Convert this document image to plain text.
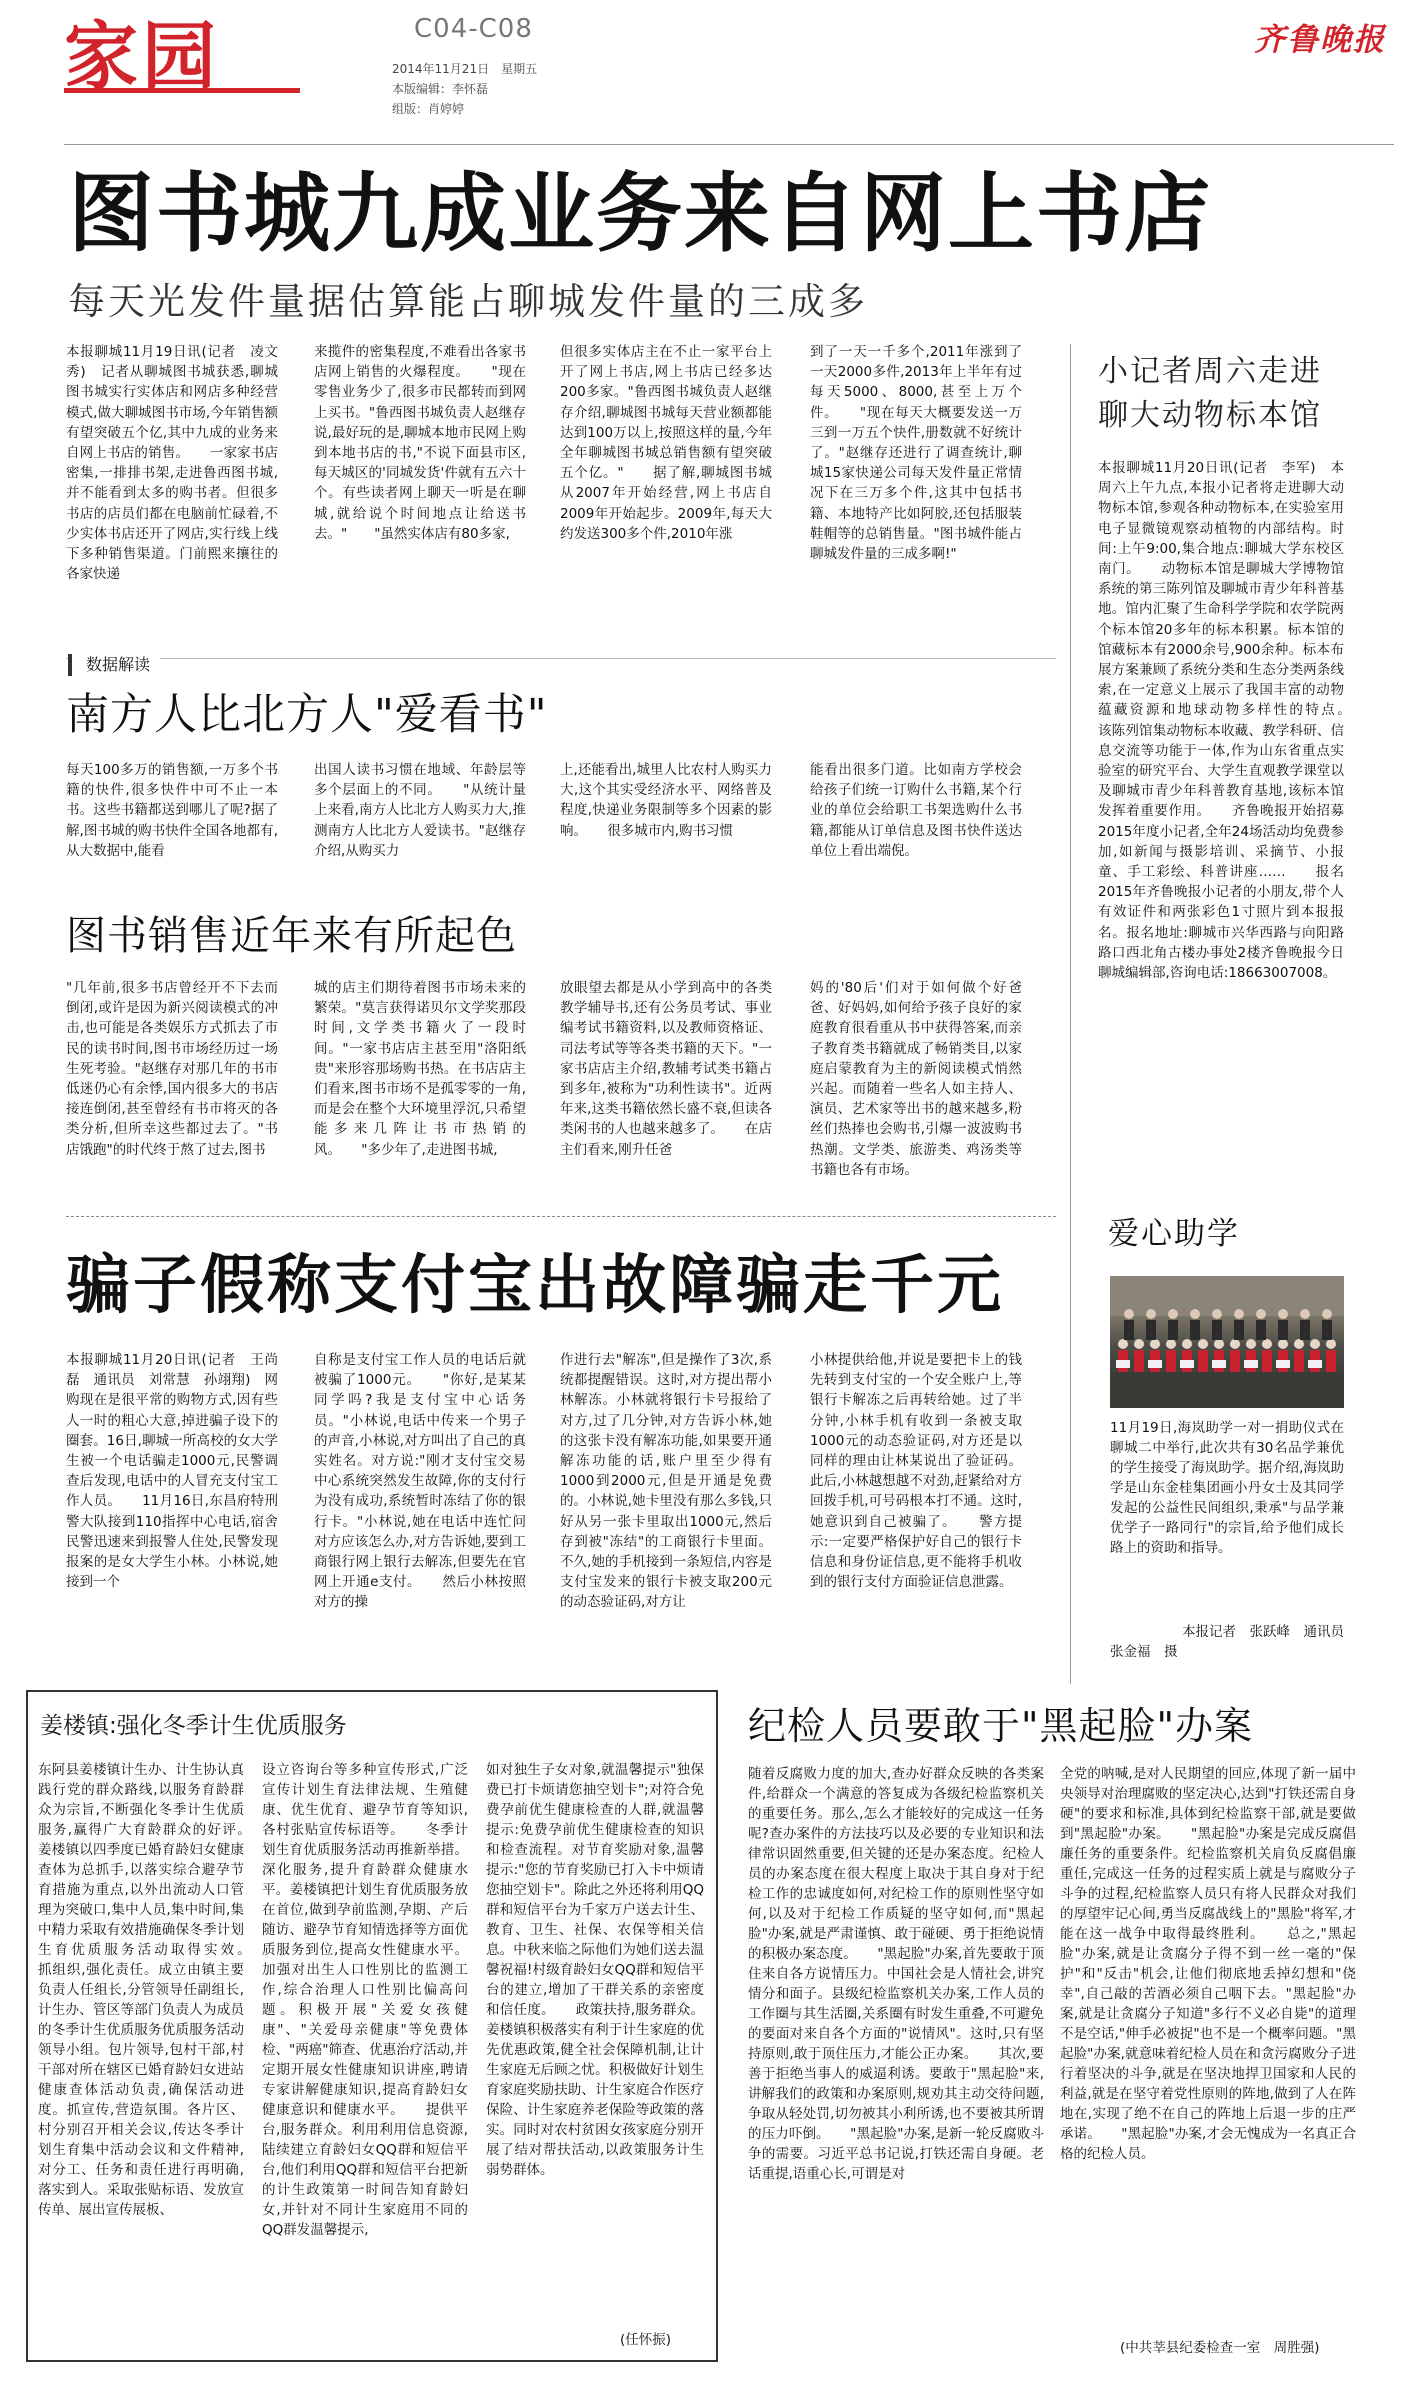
家园	C04-C08
2014年11月21日　星期五
本版编辑：李怀磊
组版：肖婷婷
齐鲁晚报
图书城九成业务来自网上书店
每天光发件量据估算能占聊城发件量的三成多

本报聊城11月19日讯(记者　凌文秀)　记者从聊城图书城获悉,聊城图书城实行实体店和网店多种经营模式,做大聊城图书市场,今年销售额有望突破五个亿,其中九成的业务来自网上书店的销售。　　一家家书店密集,一排排书架,走进鲁西图书城,并不能看到太多的购书者。但很多书店的店员们都在电脑前忙碌着,不少实体书店还开了网店,实行线上线下多种销售渠道。门前熙来攘往的各家快递

来揽件的密集程度,不难看出各家书店网上销售的火爆程度。　　"现在零售业务少了,很多市民都转而到网上买书。"鲁西图书城负责人赵继存说,最好玩的是,聊城本地市民网上购到本地书店的书,"不说下面县市区,每天城区的'同城发货'件就有五六十个。有些读者网上聊天一听是在聊城,就给说个时间地点让给送书去。"　　"虽然实体店有80多家,

但很多实体店主在不止一家平台上开了网上书店,网上书店已经多达200多家。"鲁西图书城负责人赵继存介绍,聊城图书城每天营业额都能达到100万以上,按照这样的量,今年全年聊城图书城总销售额有望突破五个亿。"　　据了解,聊城图书城从2007年开始经营,网上书店自2009年开始起步。2009年,每天大约发送300多个件,2010年涨

到了一天一千多个,2011年涨到了一天2000多件,2013年上半年有过每天5000、8000,甚至上万个件。　　"现在每天大概要发送一万三到一万五个快件,册数就不好统计了。"赵继存还进行了调查统计,聊城15家快递公司每天发件量正常情况下在三万多个件,这其中包括书籍、本地特产比如阿胶,还包括服装鞋帽等的总销售量。"图书城件能占聊城发件量的三成多啊!"

数据解读
南方人比北方人"爱看书"

每天100多万的销售额,一万多个书籍的快件,很多快件中可不止一本书。这些书籍都送到哪儿了呢?据了解,图书城的购书快件全国各地都有,从大数据中,能看

出国人读书习惯在地域、年龄层等多个层面上的不同。　　"从统计量上来看,南方人比北方人购买力大,推测南方人比北方人爱读书。"赵继存介绍,从购买力

上,还能看出,城里人比农村人购买力大,这个其实受经济水平、网络普及程度,快递业务限制等多个因素的影响。　　很多城市内,购书习惯

能看出很多门道。比如南方学校会给孩子们统一订购什么书籍,某个行业的单位会给职工书架选购什么书籍,都能从订单信息及图书快件送达单位上看出端倪。

图书销售近年来有所起色

"几年前,很多书店曾经开不下去而倒闭,或许是因为新兴阅读模式的冲击,也可能是各类娱乐方式抓去了市民的读书时间,图书市场经历过一场生死考验。"赵继存对那几年的书市低迷仍心有余悸,国内很多大的书店接连倒闭,甚至曾经有书市将灭的各类分析,但所幸这些都过去了。"书店饿跑"的时代终于熬了过去,图书

城的店主们期待着图书市场未来的繁荣。"莫言获得诺贝尔文学奖那段时间,文学类书籍火了一段时间。"一家书店店主甚至用"洛阳纸贵"来形容那场购书热。在书店店主们看来,图书市场不是孤零零的一角,而是会在整个大环境里浮沉,只希望能多来几阵让书市热销的风。　　"多少年了,走进图书城,

放眼望去都是从小学到高中的各类教学辅导书,还有公务员考试、事业编考试书籍资料,以及教师资格证、司法考试等等各类书籍的天下。"一家书店店主介绍,教辅考试类书籍占到多年,被称为"功利性读书"。近两年来,这类书籍依然长盛不衰,但读各类闲书的人也越来越多了。　　在店主们看来,刚升任爸

妈的'80后'们对于如何做个好爸爸、好妈妈,如何给予孩子良好的家庭教育很看重从书中获得答案,而亲子教育类书籍就成了畅销类目,以家庭启蒙教育为主的新阅读模式悄然兴起。而随着一些名人如主持人、演员、艺术家等出书的越来越多,粉丝们热捧也会购书,引爆一波波购书热潮。文学类、旅游类、鸡汤类等书籍也各有市场。

骗子假称支付宝出故障骗走千元

本报聊城11月20日讯(记者　王尚磊　通讯员　刘常慧　孙翊翔)　网购现在是很平常的购物方式,因有些人一时的粗心大意,掉进骗子设下的圈套。16日,聊城一所高校的女大学生被一个电话骗走1000元,民警调查后发现,电话中的人冒充支付宝工作人员。　　11月16日,东昌府特刑警大队接到110指挥中心电话,宿舍民警迅速来到报警人住处,民警发现报案的是女大学生小林。小林说,她接到一个

自称是支付宝工作人员的电话后就被骗了1000元。　　"你好,是某某同学吗?我是支付宝中心话务员。"小林说,电话中传来一个男子的声音,小林说,对方叫出了自己的真实姓名。对方说:"刚才支付宝交易中心系统突然发生故障,你的支付行为没有成功,系统暂时冻结了你的银行卡。"小林说,她在电话中连忙问对方应该怎么办,对方告诉她,要到工商银行网上银行去解冻,但要先在官网上开通e支付。　　然后小林按照对方的操

作进行去"解冻",但是操作了3次,系统都提醒错误。这时,对方提出帮小林解冻。小林就将银行卡号报给了对方,过了几分钟,对方告诉小林,她的这张卡没有解冻功能,如果要开通解冻功能的话,账户里至少得有1000到2000元,但是开通是免费的。小林说,她卡里没有那么多钱,只好从另一张卡里取出1000元,然后存到被"冻结"的工商银行卡里面。不久,她的手机接到一条短信,内容是支付宝发来的银行卡被支取200元的动态验证码,对方让

小林提供给他,并说是要把卡上的钱先转到支付宝的一个安全账户上,等银行卡解冻之后再转给她。过了半分钟,小林手机有收到一条被支取1000元的动态验证码,对方还是以同样的理由让林某说出了验证码。此后,小林越想越不对劲,赶紧给对方回拨手机,可号码根本打不通。这时,她意识到自己被骗了。　　警方提示:一定要严格保护好自己的银行卡信息和身份证信息,更不能将手机收到的银行支付方面验证信息泄露。

小记者周六走进
聊大动物标本馆

本报聊城11月20日讯(记者　李军)　本周六上午九点,本报小记者将走进聊大动物标本馆,参观各种动物标本,在实验室用电子显微镜观察动植物的内部结构。时间:上午9:00,集合地点:聊城大学东校区南门。　　动物标本馆是聊城大学博物馆系统的第三陈列馆及聊城市青少年科普基地。馆内汇聚了生命科学学院和农学院两个标本馆20多年的标本积累。标本馆的馆藏标本有2000余号,900余种。标本布展方案兼顾了系统分类和生态分类两条线索,在一定意义上展示了我国丰富的动物蕴藏资源和地球动物多样性的特点。　　该陈列馆集动物标本收藏、教学科研、信息交流等功能于一体,作为山东省重点实验室的研究平台、大学生直观教学课堂以及聊城市青少年科普教育基地,该标本馆发挥着重要作用。　　齐鲁晚报开始招募2015年度小记者,全年24场活动均免费参加,如新闻与摄影培训、采摘节、小报童、手工彩绘、科普讲座……　　报名2015年齐鲁晚报小记者的小朋友,带个人有效证件和两张彩色1寸照片到本报报名。报名地址:聊城市兴华西路与向阳路路口西北角古楼办事处2楼齐鲁晚报今日聊城编辑部,咨询电话:18663007008。

爱心助学

11月19日,海岚助学一对一捐助仪式在聊城二中举行,此次共有30名品学兼优的学生接受了海岚助学。据介绍,海岚助学是山东金桂集团画小丹女士及其同学发起的公益性民间组织,秉承"与品学兼优学子一路同行"的宗旨,给予他们成长路上的资助和指导。

本报记者　张跃峰　通讯员
张金福　摄
姜楼镇:强化冬季计生优质服务

东阿县姜楼镇计生办、计生协认真践行党的群众路线,以服务育龄群众为宗旨,不断强化冬季计生优质服务,赢得广大育龄群众的好评。　　姜楼镇以四季度已婚育龄妇女健康查体为总抓手,以落实综合避孕节育措施为重点,以外出流动人口管理为突破口,集中人员,集中时间,集中精力采取有效措施确保冬季计划生育优质服务活动取得实效。　　抓组织,强化责任。成立由镇主要负责人任组长,分管领导任副组长,计生办、管区等部门负责人为成员的冬季计生优质服务优质服务活动领导小组。包片领导,包村干部,村干部对所在辖区已婚育龄妇女进站健康查体活动负责,确保活动进度。抓宣传,营造氛围。各片区、村分别召开相关会议,传达冬季计划生育集中活动会议和文件精神,对分工、任务和责任进行再明确,落实到人。采取张贴标语、发放宣传单、展出宣传展板、

设立咨询台等多种宣传形式,广泛宣传计划生育法律法规、生殖健康、优生优育、避孕节育等知识,各村张贴宣传标语等。　　冬季计划生育优质服务活动再推新举措。深化服务,提升育龄群众健康水平。姜楼镇把计划生育优质服务放在首位,做到孕前监测,孕期、产后随访、避孕节育知情选择等方面优质服务到位,提高女性健康水平。加强对出生人口性别比的监测工作,综合治理人口性别比偏高问题。积极开展"关爱女孩健康"、"关爱母亲健康"等免费体检、"两癌"筛查、优惠治疗活动,并定期开展女性健康知识讲座,聘请专家讲解健康知识,提高育龄妇女健康意识和健康水平。　　提供平台,服务群众。利用利用信息资源,陆续建立育龄妇女QQ群和短信平台,他们利用QQ群和短信平台把新的计生政策第一时间告知育龄妇女,并针对不同计生家庭用不同的QQ群发温馨提示,

如对独生子女对象,就温馨提示"独保费已打卡烦请您抽空划卡";对符合免费孕前优生健康检查的人群,就温馨提示:免费孕前优生健康检查的知识和检查流程。对节育奖励对象,温馨提示:"您的节育奖励已打入卡中烦请您抽空划卡"。除此之外还将利用QQ群和短信平台为千家万户送去计生、教育、卫生、社保、农保等相关信息。中秋来临之际他们为她们送去温馨祝福!村级育龄妇女QQ群和短信平台的建立,增加了干群关系的亲密度和信任度。　　政策扶持,服务群众。姜楼镇积极落实有利于计生家庭的优先优惠政策,健全社会保障机制,让计生家庭无后顾之忧。积极做好计划生育家庭奖励扶助、计生家庭合作医疗保险、计生家庭养老保险等政策的落实。同时对农村贫困女孩家庭分别开展了结对帮扶活动,以政策服务计生弱势群体。

(任怀振)
纪检人员要敢于"黑起脸"办案

随着反腐败力度的加大,查办好群众反映的各类案件,给群众一个满意的答复成为各级纪检监察机关的重要任务。那么,怎么才能较好的完成这一任务呢?查办案件的方法技巧以及必要的专业知识和法律常识固然重要,但关键的还是办案态度。纪检人员的办案态度在很大程度上取决于其自身对于纪检工作的忠诚度如何,对纪检工作的原则性坚守如何,以及对于纪检工作质疑的坚守如何,而"黑起脸"办案,就是严肃谨慎、敢于碰硬、勇于拒绝说情的积极办案态度。　　"黑起脸"办案,首先要敢于顶住来自各方说情压力。中国社会是人情社会,讲究情分和面子。县级纪检监察机关办案,工作人员的工作圈与其生活圈,关系圈有时发生重叠,不可避免的要面对来自各个方面的"说情风"。这时,只有坚持原则,敢于顶住压力,才能公正办案。　　其次,要善于拒绝当事人的威逼利诱。要敢于"黑起脸"来,讲解我们的政策和办案原则,规劝其主动交待问题,争取从轻处罚,切勿被其小利所诱,也不要被其所谓的压力吓倒。　　"黑起脸"办案,是新一轮反腐败斗争的需要。习近平总书记说,打铁还需自身硬。老话重提,语重心长,可谓是对

全党的呐喊,是对人民期望的回应,体现了新一届中央领导对治理腐败的坚定决心,达到"打铁还需自身硬"的要求和标准,具体到纪检监察干部,就是要做到"黑起脸"办案。　　"黑起脸"办案是完成反腐倡廉任务的重要条件。纪检监察机关肩负反腐倡廉重任,完成这一任务的过程实质上就是与腐败分子斗争的过程,纪检监察人员只有将人民群众对我们的厚望牢记心间,勇当反腐战线上的"黑脸"将军,才能在这一战争中取得最终胜利。　　总之,"黑起脸"办案,就是让贪腐分子得不到一丝一毫的"保护"和"反击"机会,让他们彻底地丢掉幻想和"侥幸",自己敲的苦酒必须自己咽下去。"黑起脸"办案,就是让贪腐分子知道"多行不义必自毙"的道理不是空话,"伸手必被捉"也不是一个概率问题。"黑起脸"办案,就意味着纪检人员在和贪污腐败分子进行着坚决的斗争,就是在坚决地捍卫国家和人民的利益,就是在坚守着党性原则的阵地,做到了人在阵地在,实现了绝不在自己的阵地上后退一步的庄严承诺。　　"黑起脸"办案,才会无愧成为一名真正合格的纪检人员。

(中共莘县纪委检查一室　周胜强)
